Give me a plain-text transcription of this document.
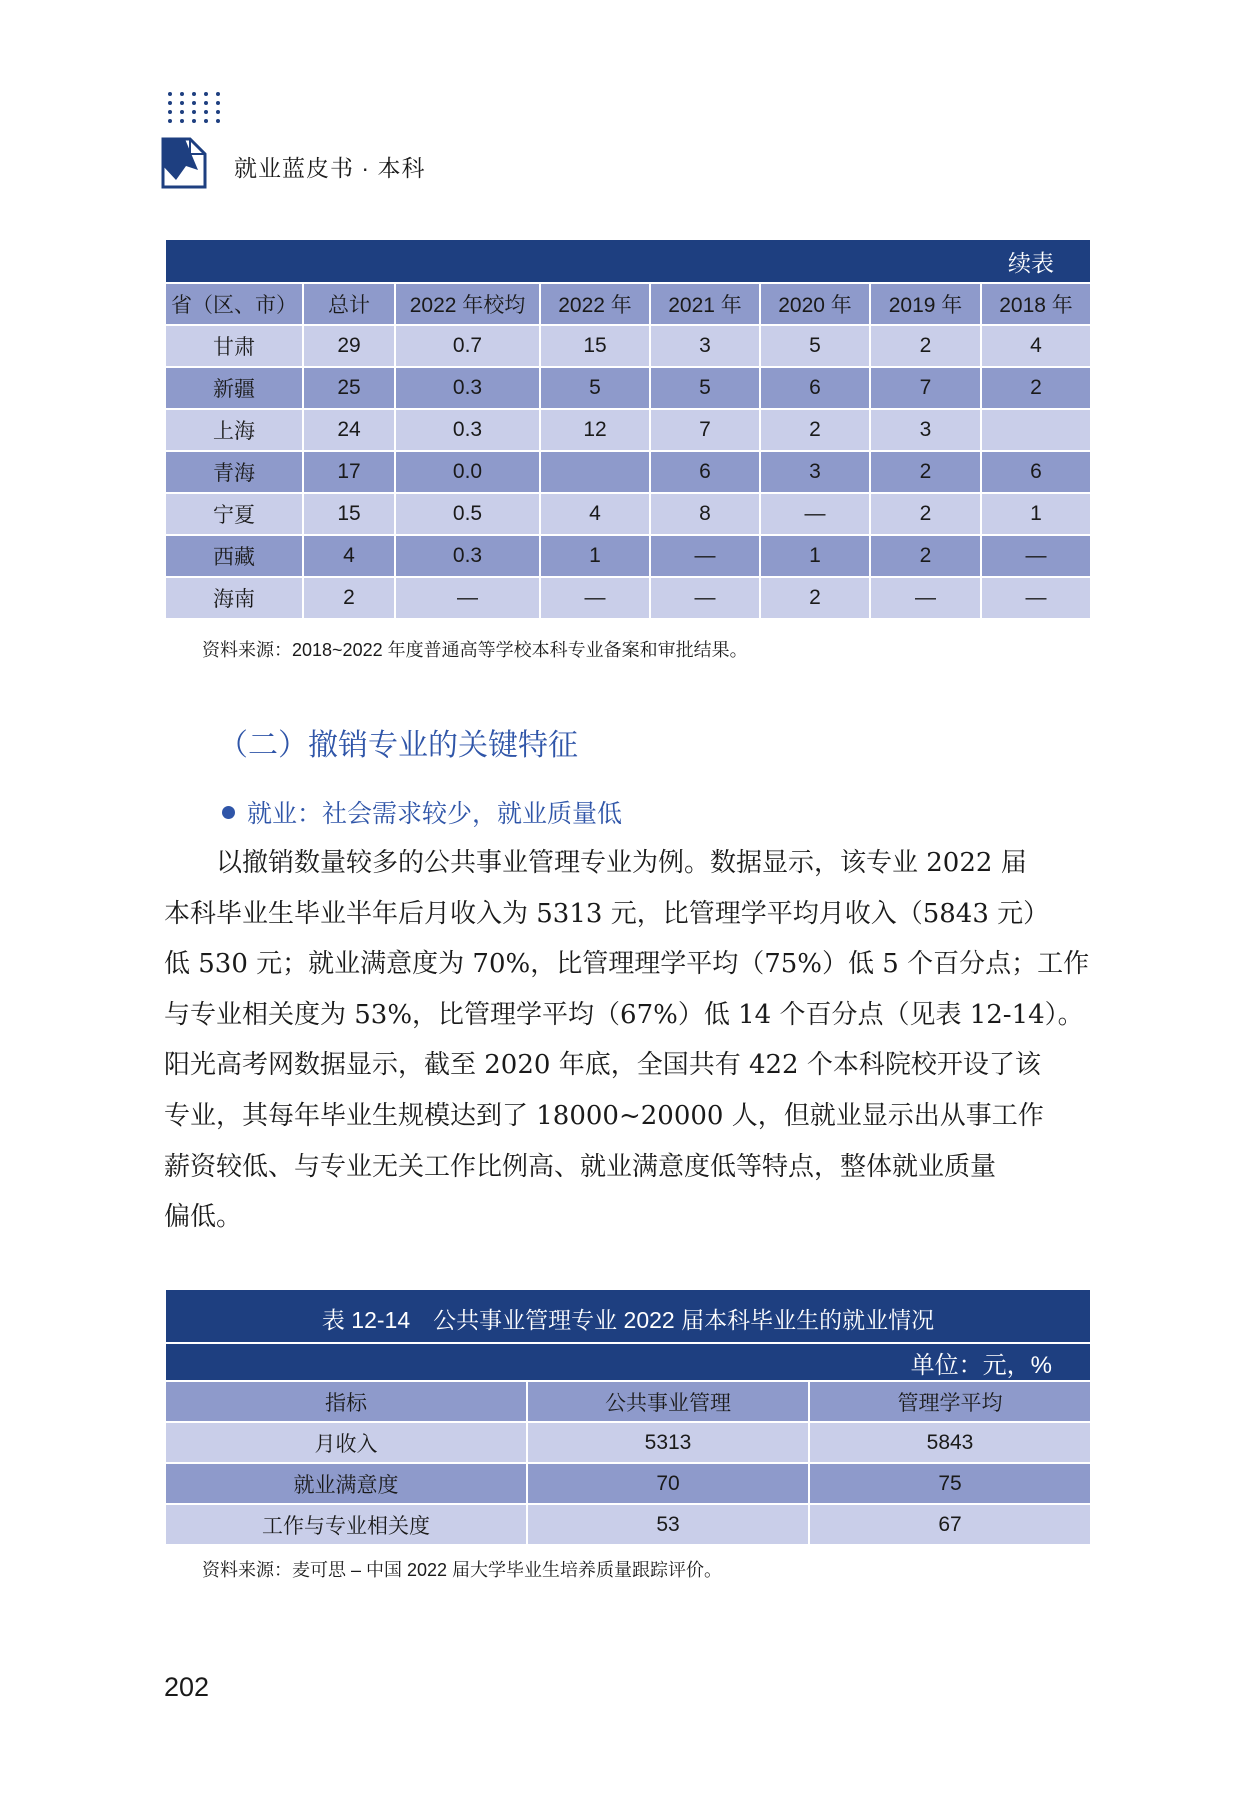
就业蓝皮书 · 本科
续表							
省（区、市）	总计	2022 年校均	2022 年	2021 年	2020 年	2019 年	2018 年
甘肃	29	0.7	15	3	5	2	4
新疆	25	0.3	5	5	6	7	2
上海	24	0.3	12	7	2	3	
青海	17	0.0		6	3	2	6
宁夏	15	0.5	4	8	—	2	1
西藏	4	0.3	1	—	1	2	—
海南	2	—	—	—	2	—	—
资料来源：2018~2022 年度普通高等学校本科专业备案和审批结果。
（二）撤销专业的关键特征
就业：社会需求较少，就业质量低
　　以撤销数量较多的公共事业管理专业为例。数据显示，该专业 2022 届
本科毕业生毕业半年后月收入为 5313 元，比管理学平均月收入（5843 元）
低 530 元；就业满意度为 70%，比管理理学平均（75%）低 5 个百分点；工作
与专业相关度为 53%，比管理学平均（67%）低 14 个百分点（见表 12-14）。
阳光高考网数据显示，截至 2020 年底，全国共有 422 个本科院校开设了该
专业，其每年毕业生规模达到了 18000~20000 人，但就业显示出从事工作
薪资较低、与专业无关工作比例高、就业满意度低等特点，整体就业质量
偏低。
表 12-14　公共事业管理专业 2022 届本科毕业生的就业情况		
单位：元，%		
指标	公共事业管理	管理学平均
月收入	5313	5843
就业满意度	70	75
工作与专业相关度	53	67
资料来源：麦可思 – 中国 2022 届大学毕业生培养质量跟踪评价。
202
